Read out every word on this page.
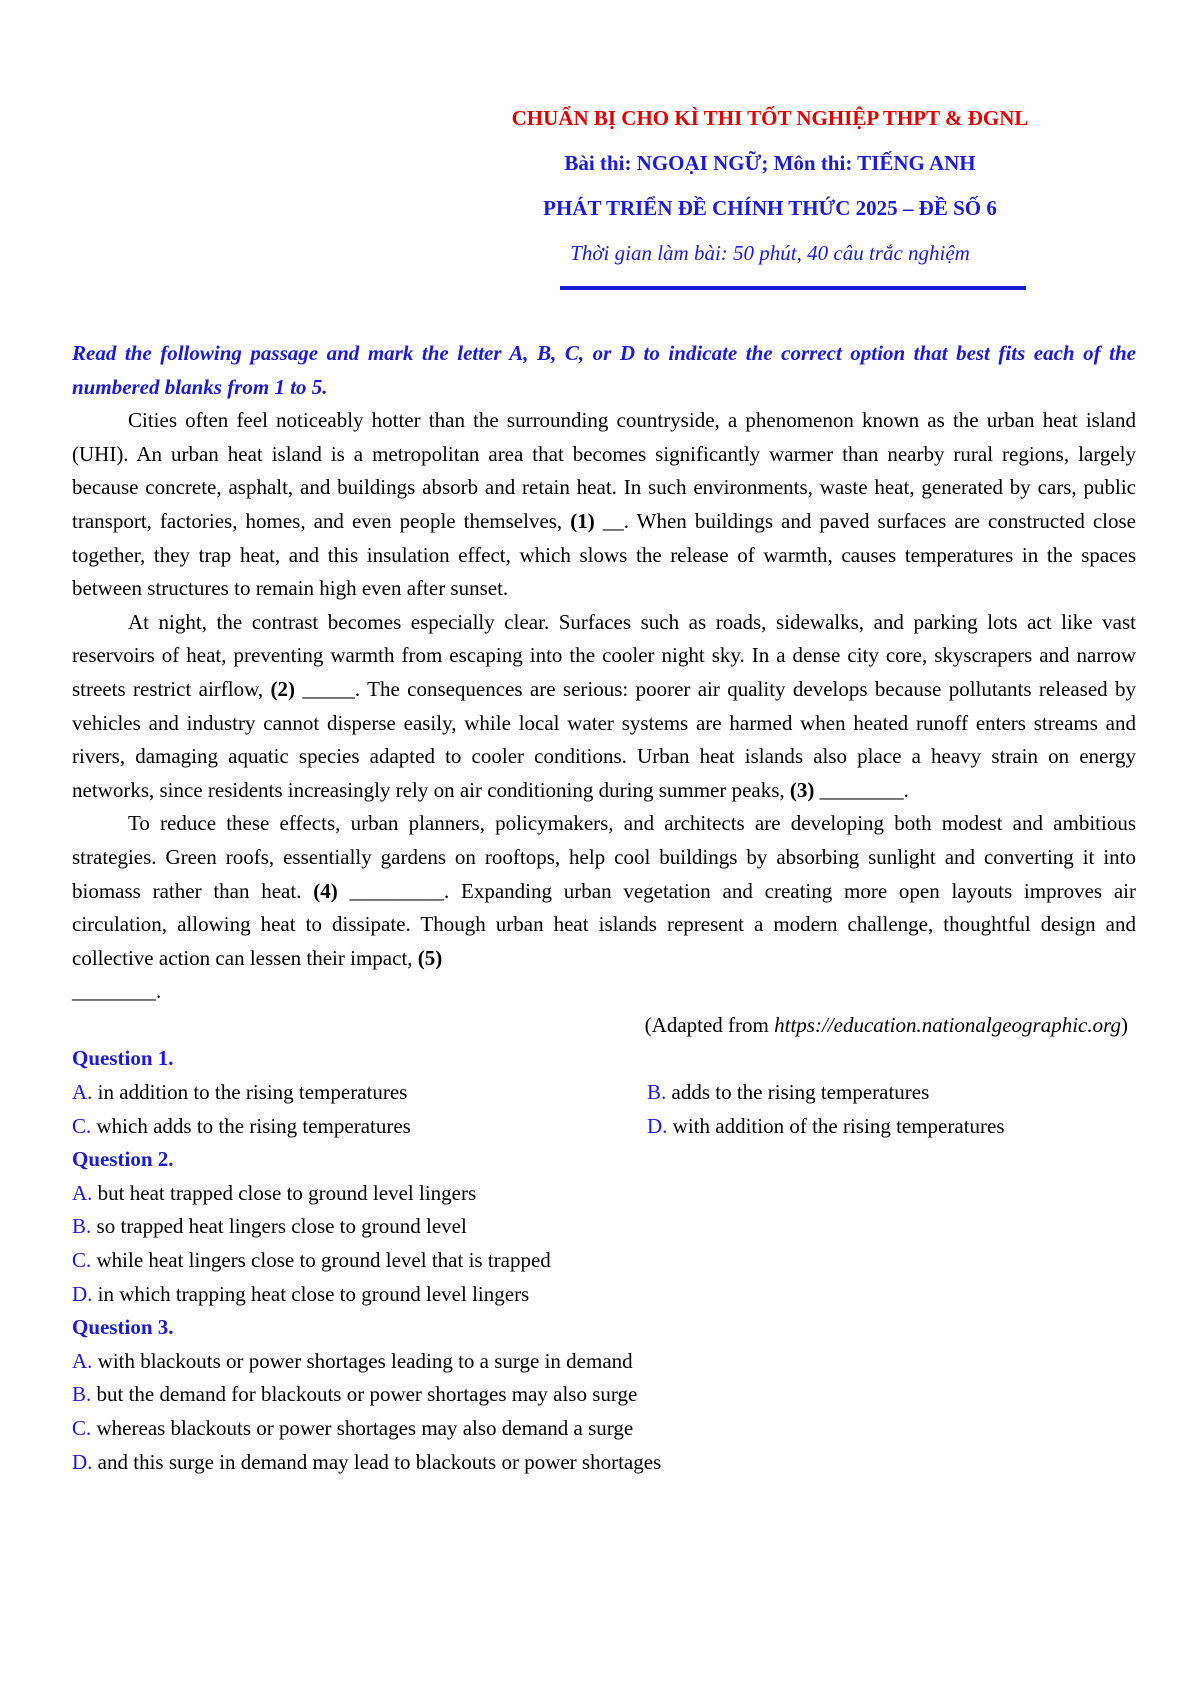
CHUẨN BỊ CHO KÌ THI TỐT NGHIỆP THPT & ĐGNL

Bài thi: NGOẠI NGỮ; Môn thi: TIẾNG ANH

PHÁT TRIỂN ĐỀ CHÍNH THỨC 2025 – ĐỀ SỐ 6

Thời gian làm bài: 50 phút, 40 câu trắc nghiệm

Read the following passage and mark the letter A, B, C, or D to indicate the correct option that best fits each of the numbered blanks from 1 to 5.

Cities often feel noticeably hotter than the surrounding countryside, a phenomenon known as the urban heat island (UHI). An urban heat island is a metropolitan area that becomes significantly warmer than nearby rural regions, largely because concrete, asphalt, and buildings absorb and retain heat. In such environments, waste heat, generated by cars, public transport, factories, homes, and even people themselves, (1) __. When buildings and paved surfaces are constructed close together, they trap heat, and this insulation effect, which slows the release of warmth, causes temperatures in the spaces between structures to remain high even after sunset.

At night, the contrast becomes especially clear. Surfaces such as roads, sidewalks, and parking lots act like vast reservoirs of heat, preventing warmth from escaping into the cooler night sky. In a dense city core, skyscrapers and narrow streets restrict airflow, (2) _____. The consequences are serious: poorer air quality develops because pollutants released by vehicles and industry cannot disperse easily, while local water systems are harmed when heated runoff enters streams and rivers, damaging aquatic species adapted to cooler conditions. Urban heat islands also place a heavy strain on energy networks, since residents increasingly rely on air conditioning during summer peaks, (3) ________.

To reduce these effects, urban planners, policymakers, and architects are developing both modest and ambitious strategies. Green roofs, essentially gardens on rooftops, help cool buildings by absorbing sunlight and converting it into biomass rather than heat. (4) _________. Expanding urban vegetation and creating more open layouts improves air circulation, allowing heat to dissipate. Though urban heat islands represent a modern challenge, thoughtful design and collective action can lessen their impact, (5)
________.

(Adapted from https://education.nationalgeographic.org)

Question 1.

A. in addition to the rising temperatures	B. adds to the rising temperatures
C. which adds to the rising temperatures	D. with addition of the rising temperatures

Question 2.

A. but heat trapped close to ground level lingers

B. so trapped heat lingers close to ground level

C. while heat lingers close to ground level that is trapped

D. in which trapping heat close to ground level lingers

Question 3.

A. with blackouts or power shortages leading to a surge in demand

B. but the demand for blackouts or power shortages may also surge

C. whereas blackouts or power shortages may also demand a surge

D. and this surge in demand may lead to blackouts or power shortages
